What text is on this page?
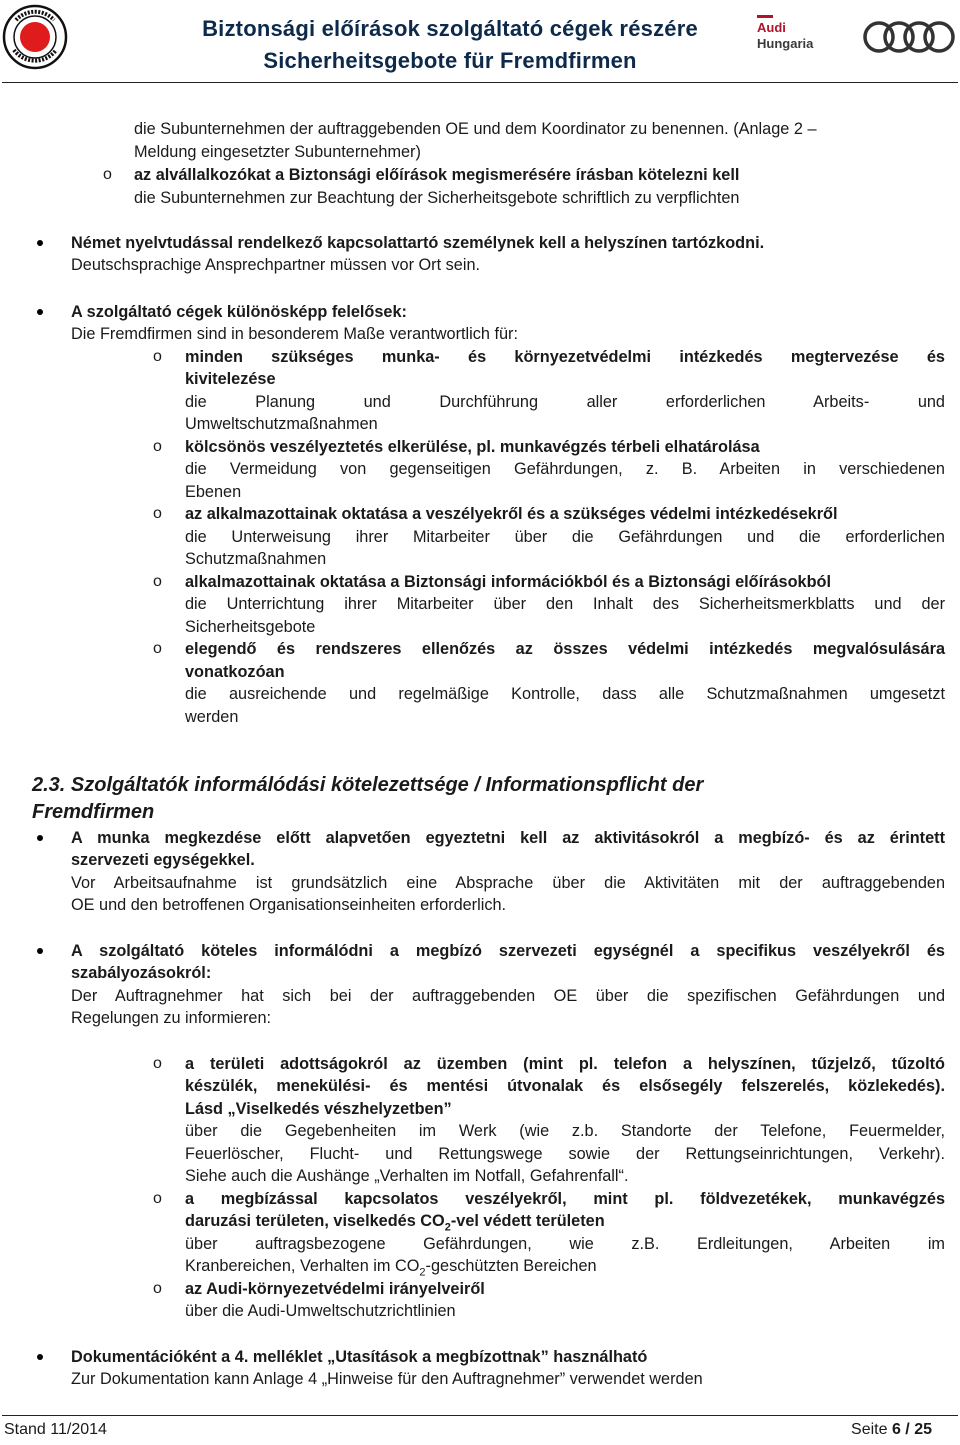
Biztonsági előírások szolgáltató cégek részére
Sicherheitsgebote für Fremdfirmen
Audi
Hungaria
die Subunternehmen der auftraggebenden OE und dem Koordinator zu benennen. (Anlage 2 –
Meldung eingesetzter Subunternehmer)
o az alvállalkozókat a Biztonsági előírások megismerésére írásban kötelezni kell
die Subunternehmen zur Beachtung der Sicherheitsgebote schriftlich zu verpflichten
Német nyelvtudással rendelkező kapcsolattartó személynek kell a helyszínen tartózkodni.
Deutschsprachige Ansprechpartner müssen vor Ort sein.
A szolgáltató cégek különösképp felelősek:
Die Fremdfirmen sind in besonderem Maße verantwortlich für:
o minden szükséges munka- és környezetvédelmi intézkedés megtervezése és
kivitelezése
die Planung und Durchführung aller erforderlichen Arbeits- und
Umweltschutzmaßnahmen
o kölcsönös veszélyeztetés elkerülése, pl. munkavégzés térbeli elhatárolása
die Vermeidung von gegenseitigen Gefährdungen, z. B. Arbeiten in verschiedenen
Ebenen
o az alkalmazottainak oktatása a veszélyekről és a szükséges védelmi intézkedésekről
die Unterweisung ihrer Mitarbeiter über die Gefährdungen und die erforderlichen
Schutzmaßnahmen
o alkalmazottainak oktatása a Biztonsági információkból és a Biztonsági előírásokból
die Unterrichtung ihrer Mitarbeiter über den Inhalt des Sicherheitsmerkblatts und der
Sicherheitsgebote
o elegendő és rendszeres ellenőzés az összes védelmi intézkedés megvalósulására
vonatkozóan
die ausreichende und regelmäßige Kontrolle, dass alle Schutzmaßnahmen umgesetzt
werden
2.3. Szolgáltatók informálódási kötelezettsége / Informationspflicht der
Fremdfirmen
A munka megkezdése előtt alapvetően egyeztetni kell az aktivitásokról a megbízó- és az érintett
szervezeti egységekkel.
Vor Arbeitsaufnahme ist grundsätzlich eine Absprache über die Aktivitäten mit der auftraggebenden
OE und den betroffenen Organisationseinheiten erforderlich.
A szolgáltató köteles informálódni a megbízó szervezeti egységnél a specifikus veszélyekről és
szabályozásokról:
Der Auftragnehmer hat sich bei der auftraggebenden OE über die spezifischen Gefährdungen und
Regelungen zu informieren:
o a területi adottságokról az üzemben (mint pl. telefon a helyszínen, tűzjelző, tűzoltó
készülék, menekülési- és mentési útvonalak és elsősegély felszerelés, közlekedés).
Lásd „Viselkedés vészhelyzetben”
über die Gegebenheiten im Werk (wie z.b. Standorte der Telefone, Feuermelder,
Feuerlöscher, Flucht- und Rettungswege sowie der Rettungseinrichtungen, Verkehr).
Siehe auch die Aushänge „Verhalten im Notfall, Gefahrenfall“.
o a megbízással kapcsolatos veszélyekről, mint pl. földvezetékek, munkavégzés
daruzási területen, viselkedés $CO_2$-vel védett területen
über auftragsbezogene Gefährdungen, wie z.B. Erdleitungen, Arbeiten im
Kranbereichen, Verhalten im $CO_2$-geschützten Bereichen
o az Audi-környezetvédelmi irányelveiről
über die Audi-Umweltschutzrichtlinien
Dokumentációként a 4. melléklet „Utasítások a megbízottnak” használható
Zur Dokumentation kann Anlage 4 „Hinweise für den Auftragnehmer” verwendet werden
Stand 11/2014	Seite 6 / 25
